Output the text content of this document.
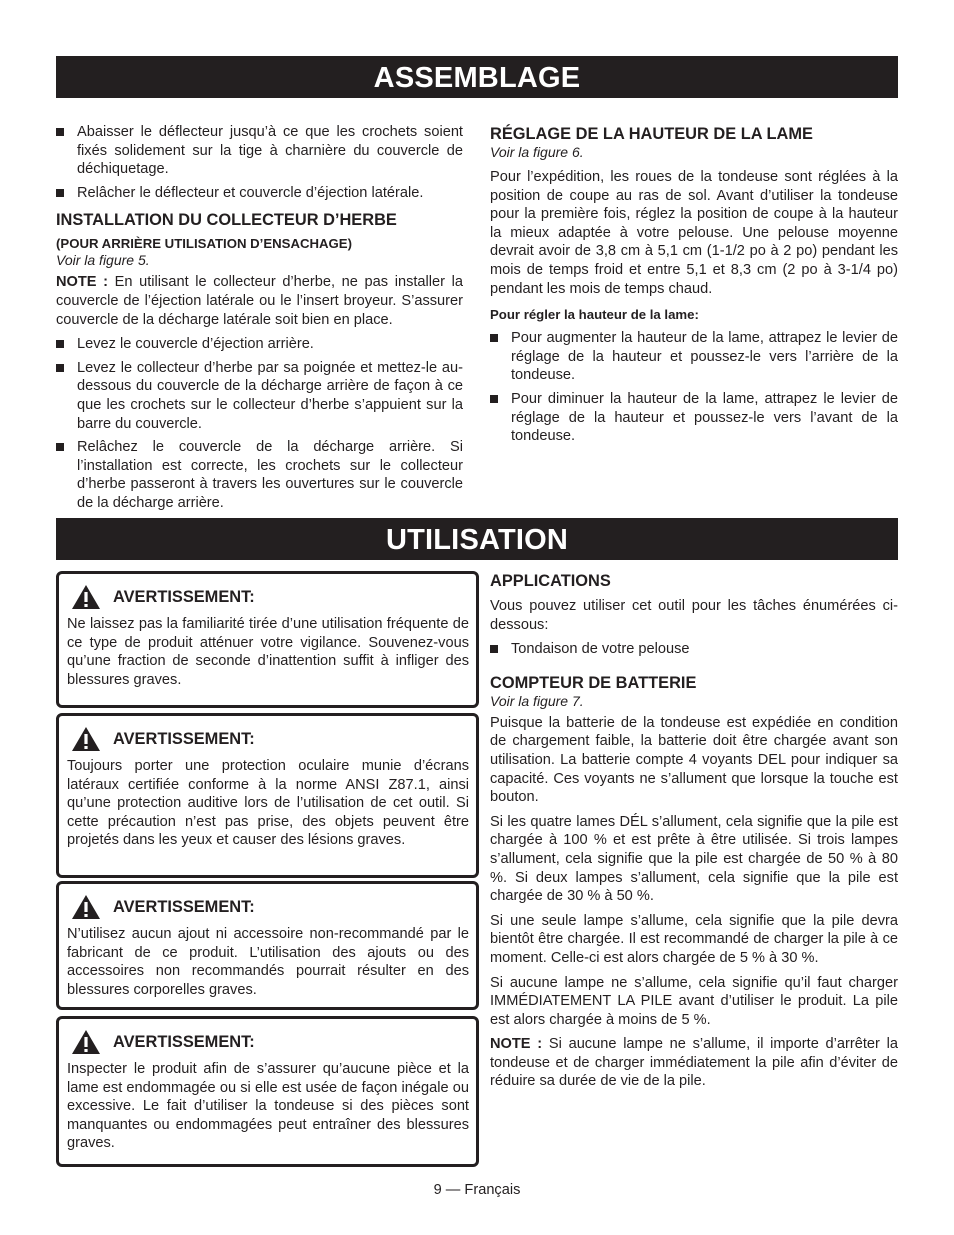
ASSEMBLAGE
Abaisser le déflecteur jusqu’à ce que les crochets soient fixés solidement sur la tige à charnière du couvercle de déchiquetage.
Relâcher le déflecteur et couvercle d’éjection latérale.
INSTALLATION DU COLLECTEUR D’HERBE
(POUR ARRIÈRE UTILISATION D’ENSACHAGE)
Voir la figure 5.

NOTE : En utilisant le collecteur d’herbe, ne pas installer la couvercle de l’éjection latérale ou le l’insert broyeur. S’assurer couvercle de la décharge latérale soit bien en place.

Levez le couvercle d’éjection arrière.
Levez le collecteur d’herbe par sa poignée et mettez-le au-dessous du couvercle de la décharge arrière de façon à ce que les crochets sur le collecteur d’herbe s’appuient sur la barre du couvercle.
Relâchez le couvercle de la décharge arrière. Si l’installation est correcte, les crochets sur le collecteur d’herbe passeront à travers les ouvertures sur le couvercle de la décharge arrière.
RÉGLAGE DE LA HAUTEUR DE LA LAME
Voir la figure 6.

Pour l’expédition, les roues de la tondeuse sont réglées à la position de coupe au ras de sol. Avant d’utiliser la tondeuse pour la première fois, réglez la position de coupe à la hauteur la mieux adaptée à votre pelouse. Une pelouse moyenne devrait avoir de 3,8 cm à 5,1 cm (1-1/2 po à 2 po) pendant les mois de temps froid et entre 5,1 et 8,3 cm (2 po à 3-1/4 po) pendant les mois de temps chaud.

Pour régler la hauteur de la lame:
Pour augmenter la hauteur de la lame, attrapez le levier de réglage de la hauteur et poussez-le vers l’arrière de la tondeuse.
Pour diminuer la hauteur de la lame, attrapez le levier de réglage de la hauteur et poussez-le vers l’avant de la tondeuse.
UTILISATION
AVERTISSEMENT:

Ne laissez pas la familiarité tirée d’une utilisation fréquente de ce type de produit atténuer votre vigilance. Souvenez-vous qu’une fraction de seconde d’inattention suffit à infliger des blessures graves.

AVERTISSEMENT:

Toujours porter une protection oculaire munie d’écrans latéraux certifiée conforme à la norme ANSI Z87.1, ainsi qu’une protection auditive lors de l’utilisation de cet outil. Si cette précaution n’est pas prise, des objets peuvent être projetés dans les yeux et causer des lésions graves.

AVERTISSEMENT:

N’utilisez aucun ajout ni accessoire non-recommandé par le fabricant de ce produit. L’utilisation des ajouts ou des accessoires non recommandés pourrait résulter en des blessures corporelles graves.

AVERTISSEMENT:

Inspecter le produit afin de s’assurer qu’aucune pièce et la lame est endommagée ou si elle est usée de façon inégale ou excessive. Le fait d’utiliser la tondeuse si des pièces sont manquantes ou endommagées peut entraîner des blessures graves.

APPLICATIONS

Vous pouvez utiliser cet outil pour les tâches énumérées ci-dessous:

Tondaison de votre pelouse
COMPTEUR DE BATTERIE
Voir la figure 7.

Puisque la batterie de la tondeuse est expédiée en condition de chargement faible, la batterie doit être chargée avant son utilisation. La batterie compte 4 voyants DEL pour indiquer sa capacité. Ces voyants ne s’allument que lorsque la touche est bouton.

Si les quatre lames DÉL s’allument, cela signifie que la pile est chargée à 100 % et est prête à être utilisée. Si trois lampes s’allument, cela signifie que la pile est chargée de 50 % à 80 %. Si deux lampes s’allument, cela signifie que la pile est chargée de 30 % à 50 %.

Si une seule lampe s’allume, cela signifie que la pile devra bientôt être chargée. Il est recommandé de charger la pile à ce moment. Celle-ci est alors chargée de 5 % à 30 %.

Si aucune lampe ne s’allume, cela signifie qu’il faut charger IMMÉDIATEMENT LA PILE avant d’utiliser le produit. La pile est alors chargée à moins de 5 %.

NOTE : Si aucune lampe ne s’allume, il importe d’arrêter la tondeuse et de charger immédiatement la pile afin d’éviter de réduire sa durée de vie de la pile.

9 — Français
